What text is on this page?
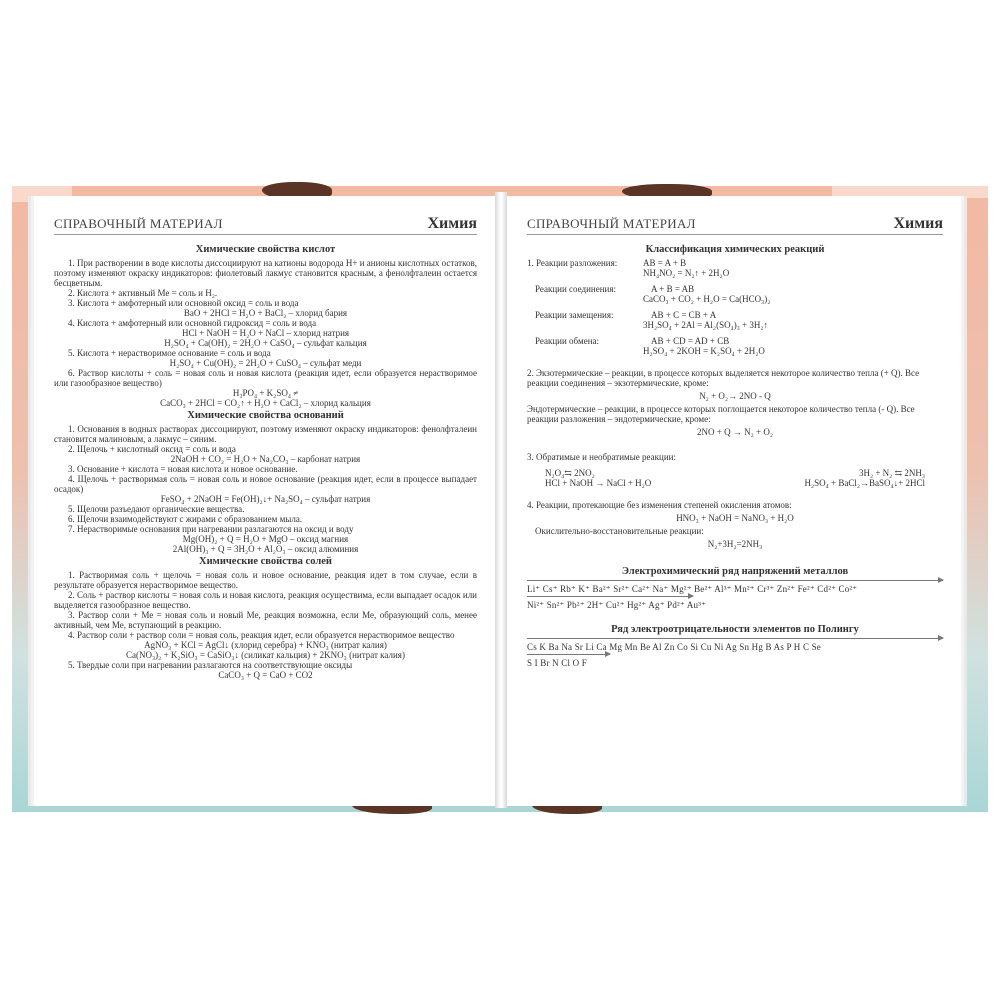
СПРАВОЧНЫЙ МАТЕРИАЛ	Химия
Химические свойства кислот
1. При растворении в воде кислоты диссоциируют на катионы водорода Н+ и анионы кислотных остатков, поэтому изменяют окраску индикаторов: фиолетовый лакмус становится красным, а фенолфталеин остается бесцветным.
2. Кислота + активный Ме = соль и Н₂.
3. Кислота + амфотерный или основной оксид = соль и вода
BaO + 2HCl = H₂O + BaCl₂ – хлорид бария
4. Кислота + амфотерный или основной гидроксид = соль и вода
HCl + NaOH = H₂O + NaCl – хлорид натрия
H₂SO₄ + Ca(OH)₂ = 2H₂O + CaSO₄ – сульфат кальция
5. Кислота + нерастворимое основание = соль и вода
H₂SO₄ + Cu(OH)₂ = 2H₂O + CuSO₄ – сульфат меди
6. Раствор кислоты + соль = новая соль и новая кислота (реакция идет, если образуется нерастворимое или газообразное вещество)
H₃PO₄ + K₂SO₄ ≠
CaCO₃ + 2HCl = CO₂↑ + H₂O + CaCl₂ – хлорид кальция
Химические свойства оснований
1. Основания в водных растворах диссоциируют, поэтому изменяют окраску индикаторов: фенолфталеин становится малиновым, а лакмус – синим.
2. Щелочь + кислотный оксид = соль и вода
2NaOH + CO₂ = H₂O + Na₂CO₃ – карбонат натрия
3. Основание + кислота = новая кислота и новое основание.
4. Щелочь + растворимая соль = новая соль и новое основание (реакция идет, если в процессе выпадает осадок)
FeSO₄ + 2NaOH = Fe(OH)₂↓+ Na₂SO₄ – сульфат натрия
5. Щелочи разъедают органические вещества.
6. Щелочи взаимодействуют с жирами с образованием мыла.
7. Нерастворимые основания при нагревании разлагаются на оксид и воду
Mg(OH)₂ + Q = H₂O + MgO – оксид магния
2Al(OH)₃ + Q = 3H₂O + Al₂O₃ – оксид алюминия
Химические свойства солей
1. Растворимая соль + щелочь = новая соль и новое основание, реакция идет в том случае, если в результате образуется нерастворимое вещество.
2. Соль + раствор кислоты = новая соль и новая кислота, реакция осуществима, если выпадает осадок или выделяется газообразное вещество.
3. Раствор соли + Ме = новая соль и новый Ме, реакция возможна, если Ме, образующий соль, менее активный, чем Ме, вступающий в реакцию.
4. Раствор соли + раствор соли = новая соль, реакция идет, если образуется нерастворимое вещество
AgNO₃ + KCl = AgCl↓ (хлорид серебра) + KNO₃ (нитрат калия)
Ca(NO₃)₂ + K₂SiO₃ = CaSiO₃↓ (силикат кальция) + 2KNO₃ (нитрат калия)
5. Твердые соли при нагревании разлагаются на соответствующие оксиды
CaCO₃ + Q = CaO + CO2
СПРАВОЧНЫЙ МАТЕРИАЛ	Химия
Классификация химических реакций
1. Реакции разложения:	AB = A + B
NH₄NO₂ = N₂↑ + 2H₂O
Реакции соединения:	A + B = AB
CaCO₃ + CO₂ + H₂O = Ca(HCO₃)₂
Реакции замещения:	AB + C = CB + A
3H₂SO₄ + 2Al = Al₂(SO₄)₃ + 3H₂↑
Реакции обмена:	AB + CD = AD + CB
H₂SO₄ + 2KOH = K₂SO₄ + 2H₂O
2. Экзотермические – реакции, в процессе которых выделяется некоторое количество тепла (+ Q). Все реакции соединения – экзотермические, кроме:
N₂ + O₂→ 2NO - Q
Эндотермические – реакции, в процессе которых поглощается некоторое количество тепла (- Q). Все реакции разложения – эндотермические, кроме:
2NO + Q → N₂ + O₂
3. Обратимые и необратимые реакции:
N₂O₄⇆ 2NO₂	3H₂ + N₂ ⇆ 2NH₃
HCl + NaOH → NaCl + H₂O	H₂SO₄ + BaCl₂→BaSO₄↓+ 2HCl
4. Реакции, протекающие без изменения степеней окисления атомов:
HNO₃ + NaOH = NaNO₃ + H₂O
Окислительно-восстановительные реакции:
N₂+3H₂=2NH₃
Электрохимический ряд напряжений металлов
Li⁺ Cs⁺ Rb⁺ K⁺ Ba²⁺ Sr²⁺ Ca²⁺ Na⁺ Mg²⁺ Be²⁺ Al³⁺ Mn²⁺ Cr³⁺ Zn²⁺ Fe²⁺ Cd²⁺ Co²⁺
Ni²⁺ Sn²⁺ Pb²⁺ 2H⁺ Cu²⁺ Hg²⁺ Ag⁺ Pd²⁺ Au³⁺
Ряд электроотрицательности элементов по Полингу
Cs K Ba Na Sr Li Ca Mg Mn Be Al Zn Co Si Cu Ni Ag Sn Hg B As P H C Se
S I Br N Cl O F
